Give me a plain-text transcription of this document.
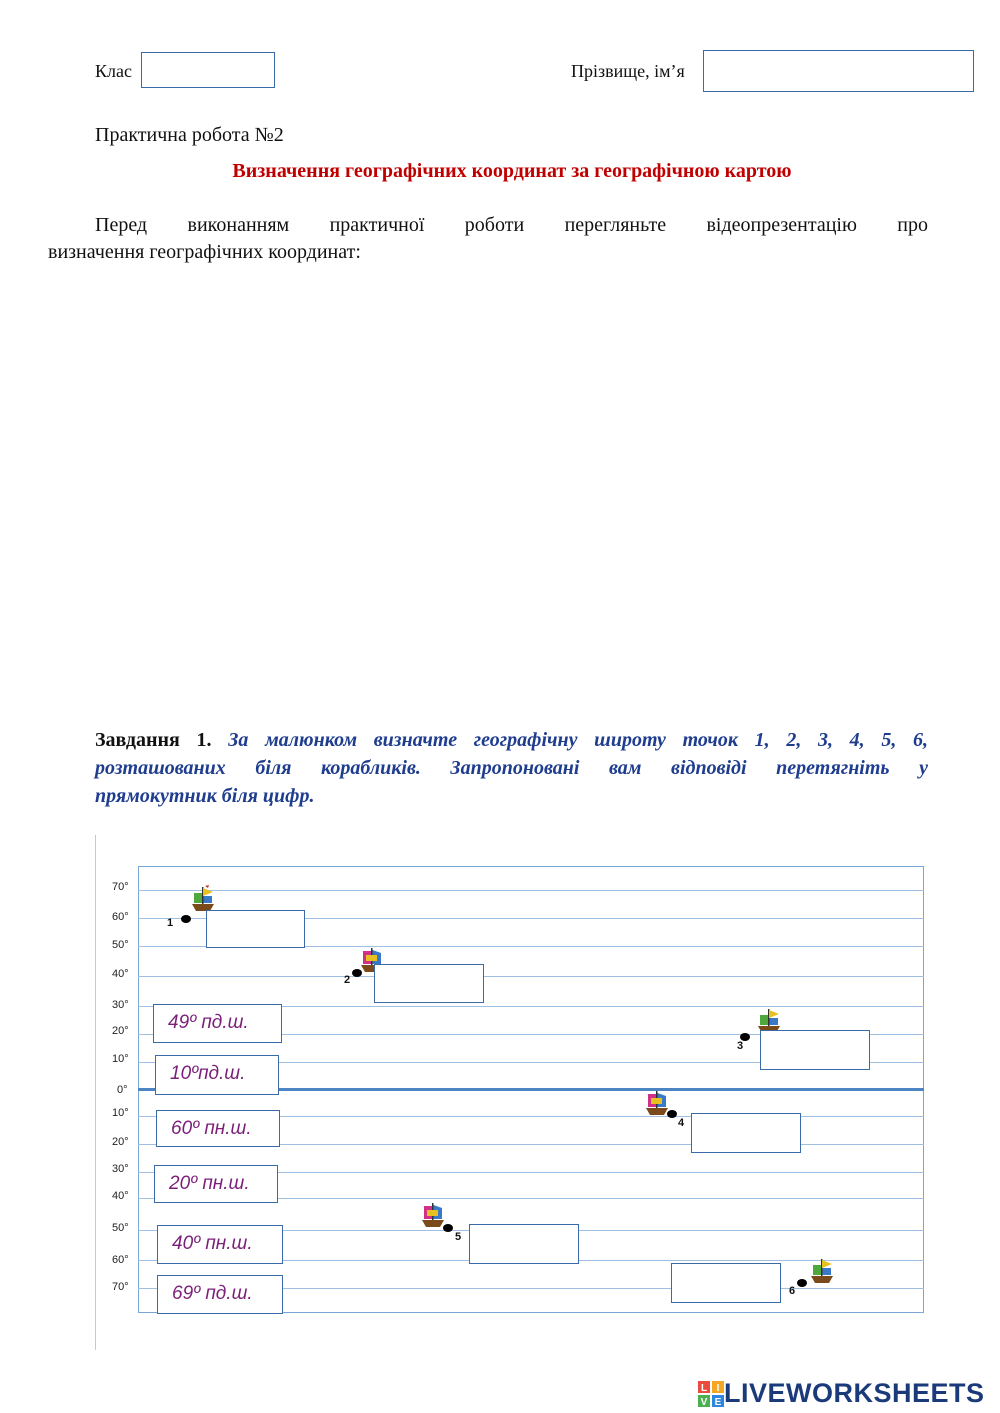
Клас	Прізвище, ім’я
Практична робота №2
Визначення географічних координат за географічною картою
Перед виконанням практичної роботи перегляньте відеопрезентацію про
визначення географічних координат:
Завдання 1. За малюнком визначте географічну широту точок 1, 2, 3, 4, 5, 6,
розташованих біля корабликів. Запропоновані вам відповіді перетягніть у
прямокутник біля цифр.
70°
60°
50°
40°
30°
20°
10°
0°
10°
20°
30°
40°
50°
60°
70°
1
2
3
4
5
6
49º пд.ш.
10ºпд.ш.
60º пн.ш.
20º пн.ш.
40º пн.ш.
69º пд.ш.
L I
V E LIVEWORKSHEETS
